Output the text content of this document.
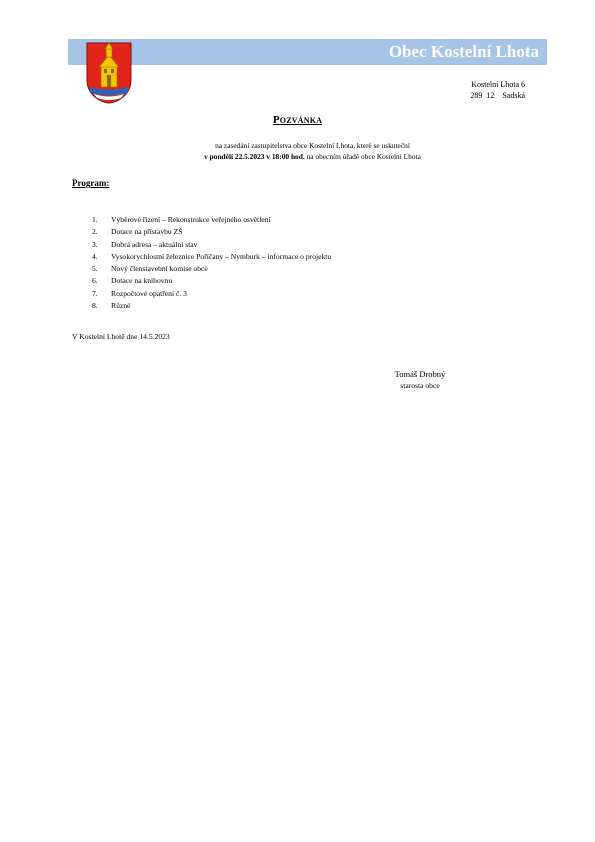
Obec Kostelní Lhota
Kostelní Lhota 6
289  12    Sadská
Pozvánka
na zasedání zastupitelstva obce Kostelní Lhota, které se uskuteční
v pondělí 22.5.2023 v 18:00 hod. na obecním úřadě obce Kostelní Lhota
Program:
1.	Výběrové řízení – Rekonstrukce veřejného osvětlení
2.	Dotace na přístavbu ZŠ
3.	Dobrá adresa – aktuální stav
4.	Vysokorychlostní železnice Poříčany – Nymburk – informace o projektu
5.	Nový členstavební komise obce
6.	Dotace na knihovnu
7.	Rozpočtové opatření č. 3
8.	Různé
V Kostelní Lhotě dne 14.5.2023
Tomáš Drobný
starosta obce
